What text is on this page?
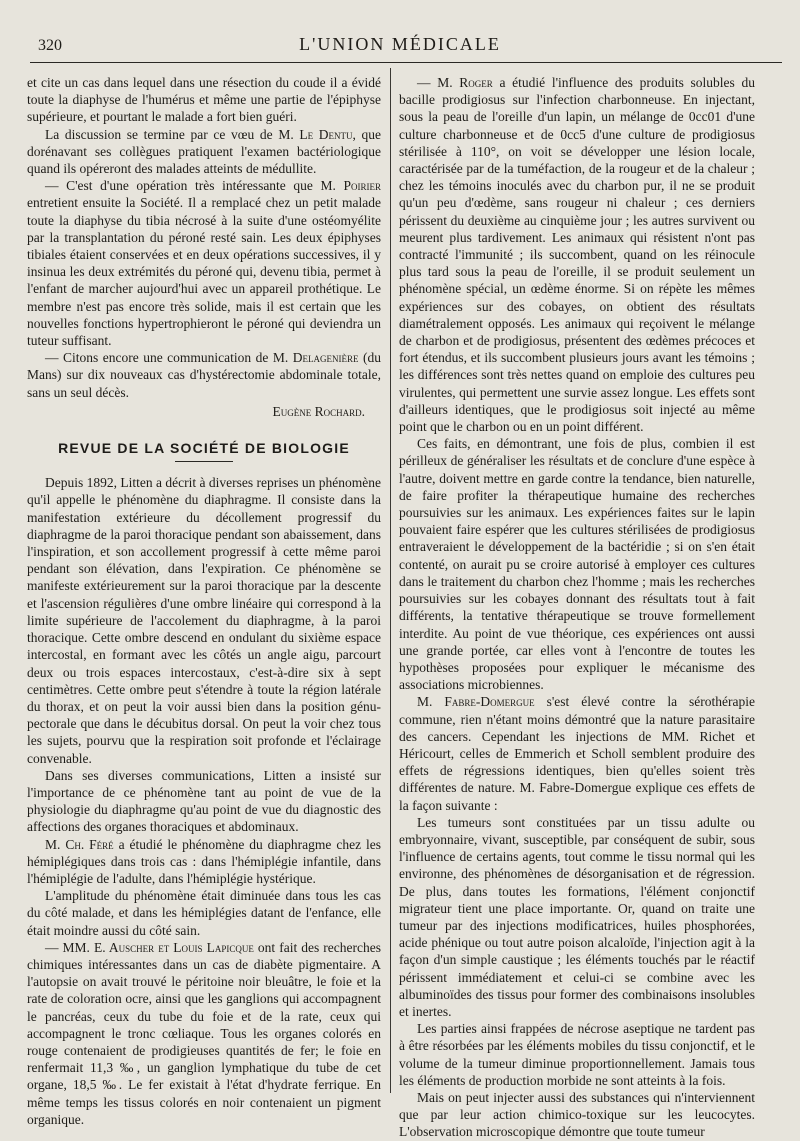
320	L'UNION MÉDICALE

et cite un cas dans lequel dans une résection du coude il a évidé toute la diaphyse de l'humérus et même une partie de l'épiphyse supérieure, et pourtant le malade a fort bien guéri.

La discussion se termine par ce vœu de M. Le Dentu, que dorénavant ses collègues pratiquent l'examen bactériologique quand ils opéreront des malades atteints de médullite.

— C'est d'une opération très intéressante que M. Poirier entretient ensuite la Société. Il a remplacé chez un petit malade toute la diaphyse du tibia nécrosé à la suite d'une ostéomyélite par la transplantation du péroné resté sain. Les deux épiphyses tibiales étaient conservées et en deux opérations successives, il y insinua les deux extrémités du péroné qui, devenu tibia, permet à l'enfant de marcher aujourd'hui avec un appareil prothétique. Le membre n'est pas encore très solide, mais il est certain que les nouvelles fonctions hypertrophieront le péroné qui deviendra un tuteur suffisant.

— Citons encore une communication de M. Delagenière (du Mans) sur dix nouveaux cas d'hystérectomie abdominale totale, sans un seul décès.

Eugène Rochard.

REVUE DE LA SOCIÉTÉ DE BIOLOGIE

Depuis 1892, Litten a décrit à diverses reprises un phénomène qu'il appelle le phénomène du diaphragme. Il consiste dans la manifestation extérieure du décollement progressif du diaphragme de la paroi thoracique pendant son abaissement, dans l'inspiration, et son accollement progressif à cette même paroi pendant son élévation, dans l'expiration. Ce phénomène se manifeste extérieurement sur la paroi thoracique par la descente et l'ascension régulières d'une ombre linéaire qui correspond à la limite supérieure de l'accolement du diaphragme, à la paroi thoracique. Cette ombre descend en ondulant du sixième espace intercostal, en formant avec les côtés un angle aigu, parcourt deux ou trois espaces intercostaux, c'est-à-dire six à sept centimètres. Cette ombre peut s'étendre à toute la région latérale du thorax, et on peut la voir aussi bien dans la position génu-pectorale que dans le décubitus dorsal. On peut la voir chez tous les sujets, pourvu que la respiration soit profonde et l'éclairage convenable.

Dans ses diverses communications, Litten a insisté sur l'importance de ce phénomène tant au point de vue de la physiologie du diaphragme qu'au point de vue du diagnostic des affections des organes thoraciques et abdominaux.

M. Ch. Féré a étudié le phénomène du diaphragme chez les hémiplégiques dans trois cas : dans l'hémiplégie infantile, dans l'hémiplégie de l'adulte, dans l'hémiplégie hystérique.

L'amplitude du phénomène était diminuée dans tous les cas du côté malade, et dans les hémiplégies datant de l'enfance, elle était moindre aussi du côté sain.

— MM. E. Auscher et Louis Lapicque ont fait des recherches chimiques intéressantes dans un cas de diabète pigmentaire. A l'autopsie on avait trouvé le péritoine noir bleuâtre, le foie et la rate de coloration ocre, ainsi que les ganglions qui accompagnent le pancréas, ceux du tube du foie et de la rate, ceux qui accompagnent le tronc cœliaque. Tous les organes colorés en rouge contenaient de prodigieuses quantités de fer; le foie en renfermait 11,3 ‰, un ganglion lymphatique du tube de cet organe, 18,5 ‰. Le fer existait à l'état d'hydrate ferrique. En même temps les tissus colorés en noir contenaient un pigment organique.

— M. Roger a étudié l'influence des produits solubles du bacille prodigiosus sur l'infection charbonneuse. En injectant, sous la peau de l'oreille d'un lapin, un mélange de 0cc01 d'une culture charbonneuse et de 0cc5 d'une culture de prodigiosus stérilisée à 110°, on voit se développer une lésion locale, caractérisée par de la tuméfaction, de la rougeur et de la chaleur ; chez les témoins inoculés avec du charbon pur, il ne se produit qu'un peu d'œdème, sans rougeur ni chaleur ; ces derniers périssent du deuxième au cinquième jour ; les autres survivent ou meurent plus tardivement. Les animaux qui résistent n'ont pas contracté l'immunité ; ils succombent, quand on les réinocule plus tard sous la peau de l'oreille, il se produit seulement un phénomène spécial, un œdème énorme. Si on répète les mêmes expériences sur des cobayes, on obtient des résultats diamétralement opposés. Les animaux qui reçoivent le mélange de charbon et de prodigiosus, présentent des œdèmes précoces et fort étendus, et ils succombent plusieurs jours avant les témoins ; les différences sont très nettes quand on emploie des cultures peu virulentes, qui permettent une survie assez longue. Les effets sont d'ailleurs identiques, que le prodigiosus soit injecté au même point que le charbon ou en un point différent.

Ces faits, en démontrant, une fois de plus, combien il est périlleux de généraliser les résultats et de conclure d'une espèce à l'autre, doivent mettre en garde contre la tendance, bien naturelle, de faire profiter la thérapeutique humaine des recherches poursuivies sur les animaux. Les expériences faites sur le lapin pouvaient faire espérer que les cultures stérilisées de prodigiosus entraveraient le développement de la bactéridie ; si on s'en était contenté, on aurait pu se croire autorisé à employer ces cultures dans le traitement du charbon chez l'homme ; mais les recherches poursuivies sur les cobayes donnant des résultats tout à fait différents, la tentative thérapeutique se trouve formellement interdite. Au point de vue théorique, ces expériences ont aussi une grande portée, car elles vont à l'encontre de toutes les hypothèses proposées pour expliquer le mécanisme des associations microbiennes.

M. Fabre-Domergue s'est élevé contre la sérothérapie commune, rien n'étant moins démontré que la nature parasitaire des cancers. Cependant les injections de MM. Richet et Héricourt, celles de Emmerich et Scholl semblent produire des effets de régressions identiques, bien qu'elles soient très différentes de nature. M. Fabre-Domergue explique ces effets de la façon suivante :

Les tumeurs sont constituées par un tissu adulte ou embryonnaire, vivant, susceptible, par conséquent de subir, sous l'influence de certains agents, tout comme le tissu normal qui les environne, des phénomènes de désorganisation et de régression. De plus, dans toutes les formations, l'élément conjonctif migrateur tient une place importante. Or, quand on traite une tumeur par des injections modificatrices, huiles phosphorées, acide phénique ou tout autre poison alcaloïde, l'injection agit à la façon d'un simple caustique ; les éléments touchés par le réactif périssent immédiatement et celui-ci se combine avec les albuminoïdes des tissus pour former des combinaisons insolubles et inertes.

Les parties ainsi frappées de nécrose aseptique ne tardent pas à être résorbées par les éléments mobiles du tissu conjonctif, et le volume de la tumeur diminue proportionnellement. Jamais tous les éléments de production morbide ne sont atteints à la fois.

Mais on peut injecter aussi des substances qui n'interviennent que par leur action chimico-toxique sur les leucocytes. L'observation microscopique démontre que toute tumeur
